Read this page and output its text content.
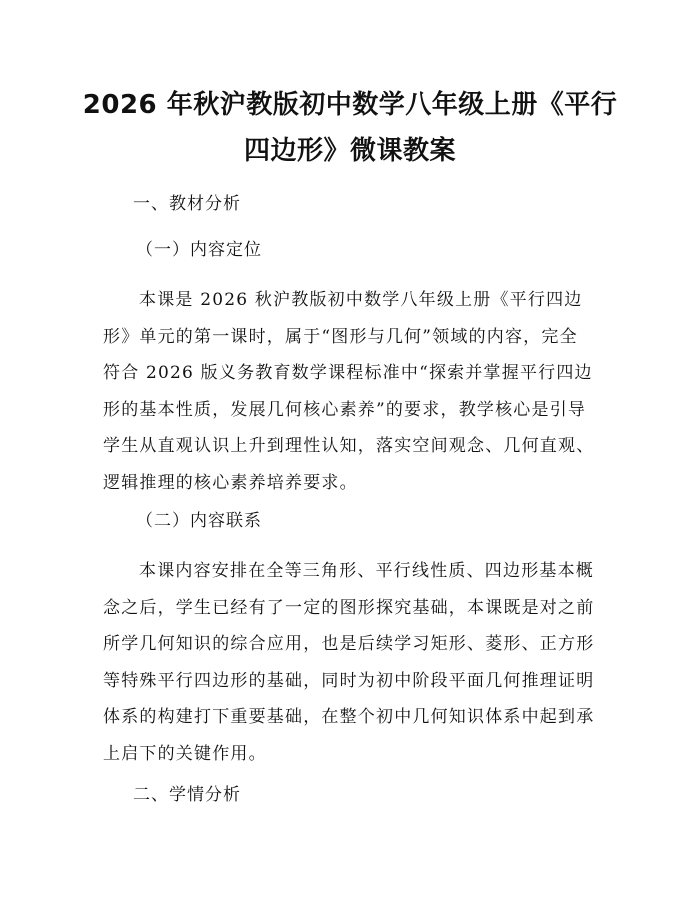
2026 年秋沪教版初中数学八年级上册《平行
四边形》微课教案
一、教材分析
（一）内容定位
本课是 2026 秋沪教版初中数学八年级上册《平行四边
形》单元的第一课时，属于“图形与几何”领域的内容，完全
符合 2026 版义务教育数学课程标准中“探索并掌握平行四边
形的基本性质，发展几何核心素养”的要求，教学核心是引导
学生从直观认识上升到理性认知，落实空间观念、几何直观、
逻辑推理的核心素养培养要求。
（二）内容联系
本课内容安排在全等三角形、平行线性质、四边形基本概
念之后，学生已经有了一定的图形探究基础，本课既是对之前
所学几何知识的综合应用，也是后续学习矩形、菱形、正方形
等特殊平行四边形的基础，同时为初中阶段平面几何推理证明
体系的构建打下重要基础，在整个初中几何知识体系中起到承
上启下的关键作用。
二、学情分析
